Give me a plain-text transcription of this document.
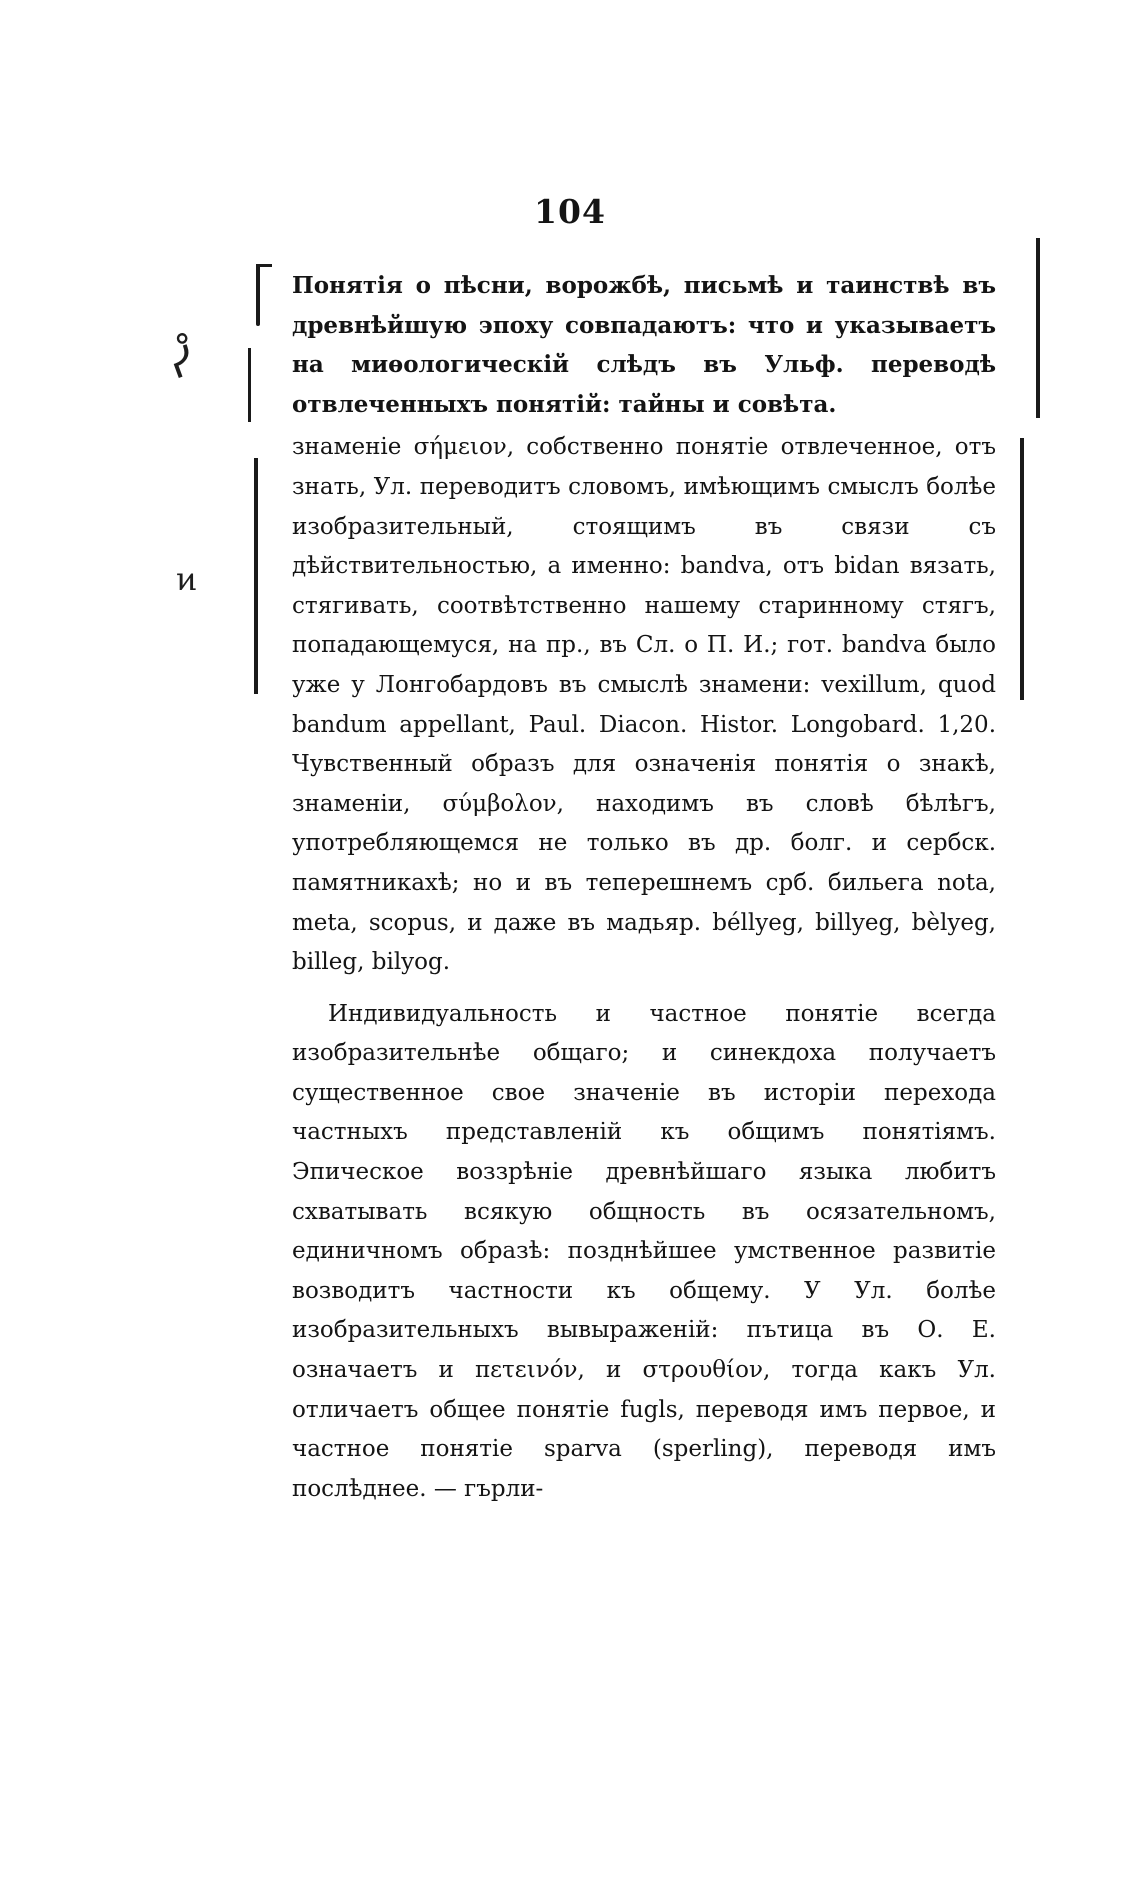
104

Понятія о пѣсни, ворожбѣ, письмѣ и таинствѣ въ древнѣйшую эпоху совпадаютъ: что и указываетъ на миѳологическій слѣдъ въ Ульф. переводѣ отвлеченныхъ понятій: тайны и совѣта.

знаменіе σήμειον, собственно понятіе отвлеченное, отъ знать, Ул. переводитъ словомъ, имѣющимъ смыслъ болѣе изобразительный, стоящимъ въ связи съ дѣйствительностью, а именно: bandva, отъ bidan вязать, стягивать, соотвѣтственно нашему старинному стягъ, попадающемуся, на пр., въ Сл. о П. И.; гот. bandva было уже у Лонгобардовъ въ смыслѣ знамени: vexillum, quod bandum appellant, Paul. Diacon. Histor. Longobard. 1,20. Чувственный образъ для означенія понятія о знакѣ, знаменіи, σύμβολον, находимъ въ словѣ бѣлѣгъ, употребляющемся не только въ др. болг. и сербск. памятникахѣ; но и въ теперешнемъ срб. бильега nota, meta, scopus, и даже въ мадьяр. béllyeg, billyeg, bèlyeg, billeg, bilyog.

Индивидуальность и частное понятіе всегда изобразительнѣе общаго; и синекдоха получаетъ существенное свое значеніе въ исторіи перехода частныхъ представленій къ общимъ понятіямъ. Эпическое воззрѣніе древнѣйшаго языка любитъ схватывать всякую общность въ осязательномъ, единичномъ образѣ: позднѣйшее умственное развитіе возводитъ частности къ общему. У Ул. болѣе изобразительныхъ вывыраженій: пътица въ О. Е. означаетъ и πετεινόν, и στρουθίον, тогда какъ Ул. отличаетъ общее понятіе fugls, переводя имъ первое, и частное понятіе sparva (sperling), переводя имъ послѣднее. — гърли-

ᓮ
ͷ
